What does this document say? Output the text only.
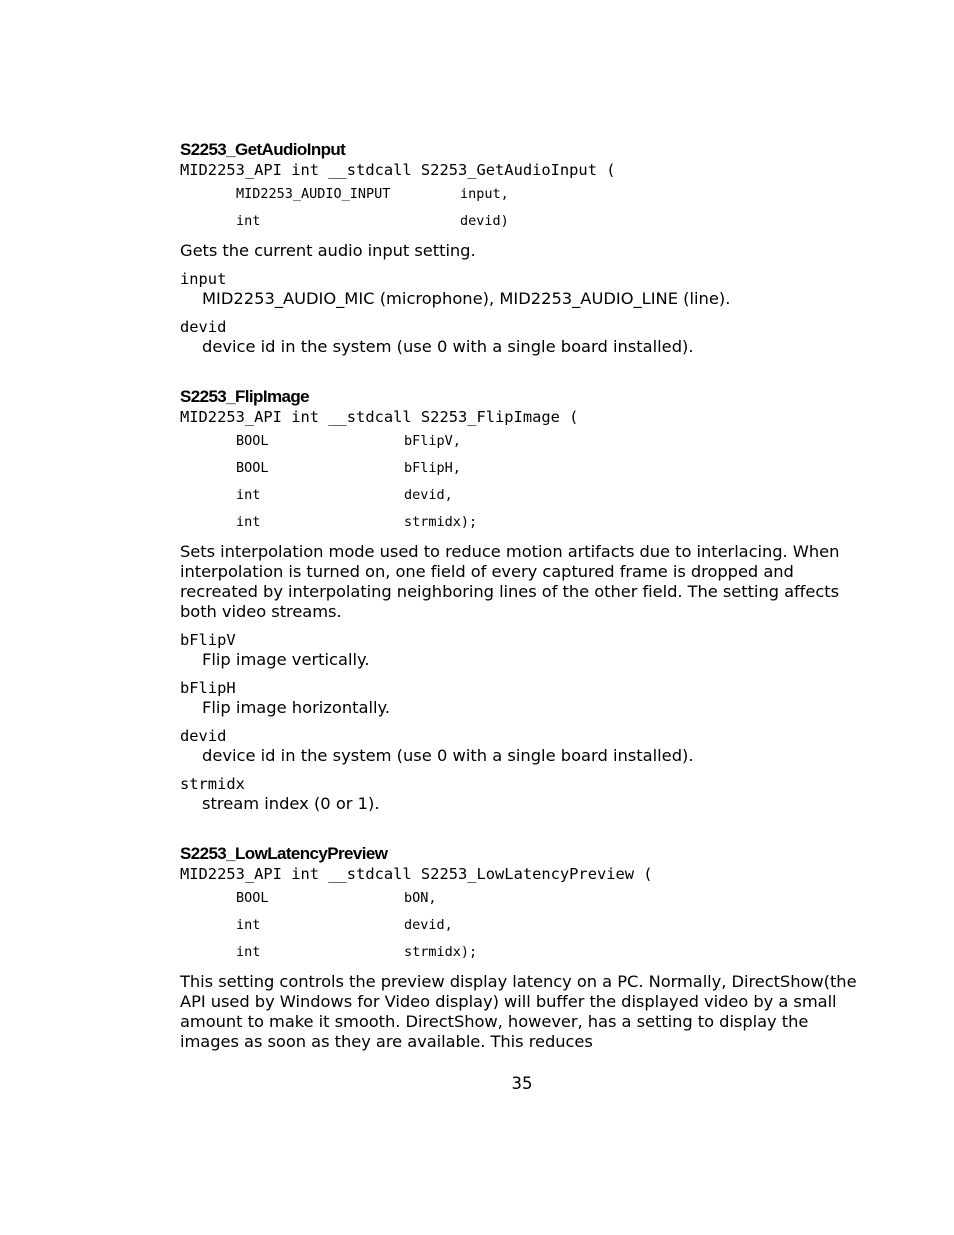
S2253_GetAudioInput
MID2253_API int __stdcall S2253_GetAudioInput (
MID2253_AUDIO_INPUT	input,
int	devid)
Gets the current audio input setting.
input
MID2253_AUDIO_MIC (microphone), MID2253_AUDIO_LINE (line).
devid
device id in the system (use 0 with a single board installed).
S2253_FlipImage
MID2253_API int __stdcall S2253_FlipImage (
BOOL	bFlipV,
BOOL	bFlipH,
int	devid,
int	strmidx);
Sets interpolation mode used to reduce motion artifacts due to interlacing. When interpolation is turned on, one field of every captured frame is dropped and recreated by interpolating neighboring lines of the other field. The setting affects both video streams.
bFlipV
Flip image vertically.
bFlipH
Flip image horizontally.
devid
device id in the system (use 0 with a single board installed).
strmidx
stream index (0 or 1).
S2253_LowLatencyPreview
MID2253_API int __stdcall S2253_LowLatencyPreview (
BOOL	bON,
int	devid,
int	strmidx);
This setting controls the preview display latency on a PC. Normally, DirectShow(the API used by Windows for Video display) will buffer the displayed video by a small amount to make it smooth. DirectShow, however, has a setting to display the images as soon as they are available. This reduces
35
